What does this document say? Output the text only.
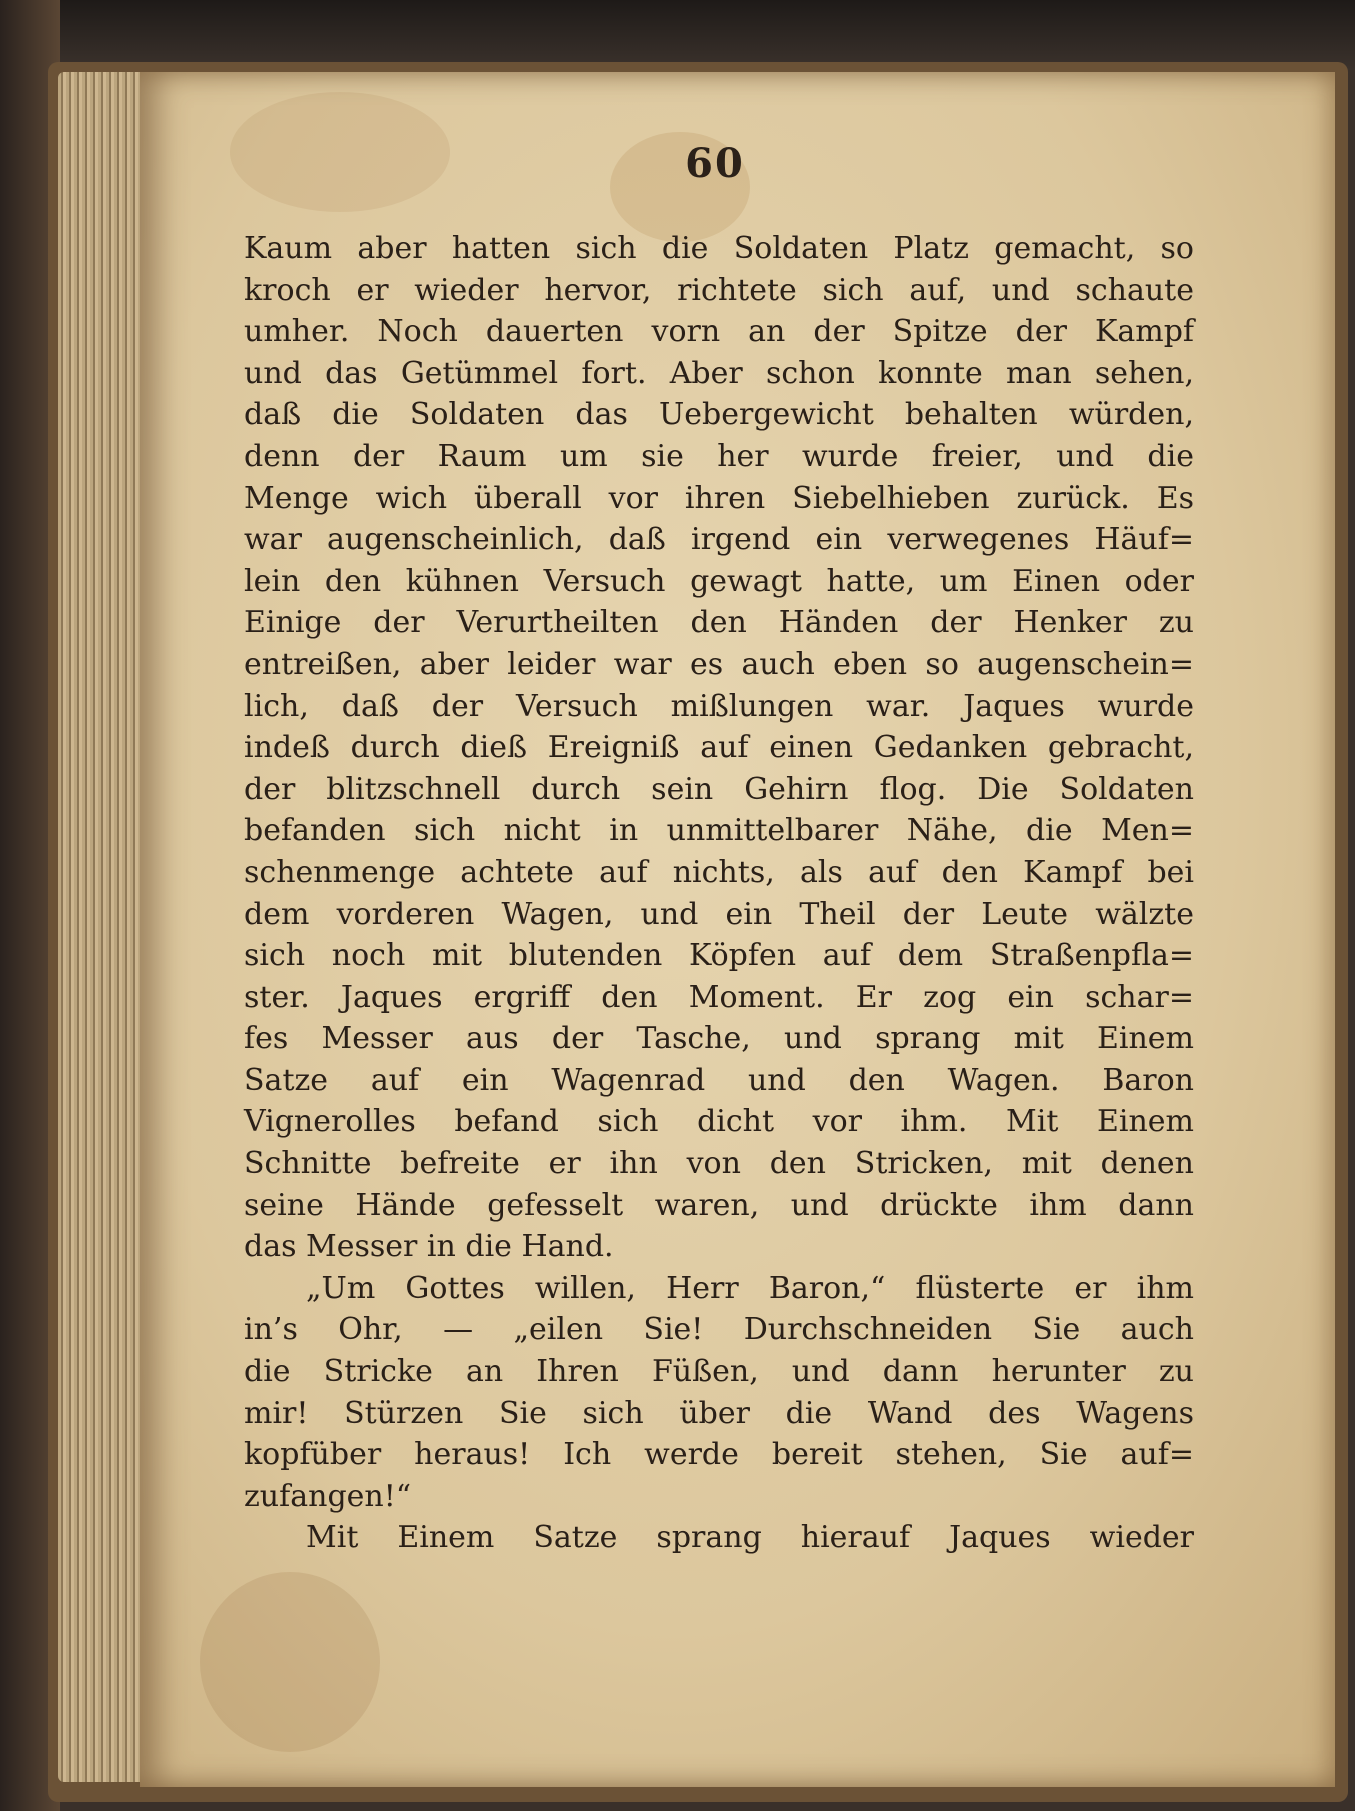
60
Kaum aber hatten sich die Soldaten Platz gemacht, so
kroch er wieder hervor, richtete sich auf, und schaute
umher. Noch dauerten vorn an der Spitze der Kampf
und das Getümmel fort. Aber schon konnte man sehen,
daß die Soldaten das Uebergewicht behalten würden,
denn der Raum um sie her wurde freier, und die
Menge wich überall vor ihren Siebelhieben zurück. Es
war augenscheinlich, daß irgend ein verwegenes Häuf=
lein den kühnen Versuch gewagt hatte, um Einen oder
Einige der Verurtheilten den Händen der Henker zu
entreißen, aber leider war es auch eben so augenschein=
lich, daß der Versuch mißlungen war. Jaques wurde
indeß durch dieß Ereigniß auf einen Gedanken gebracht,
der blitzschnell durch sein Gehirn flog. Die Soldaten
befanden sich nicht in unmittelbarer Nähe, die Men=
schenmenge achtete auf nichts, als auf den Kampf bei
dem vorderen Wagen, und ein Theil der Leute wälzte
sich noch mit blutenden Köpfen auf dem Straßenpfla=
ster. Jaques ergriff den Moment. Er zog ein schar=
fes Messer aus der Tasche, und sprang mit Einem
Satze auf ein Wagenrad und den Wagen. Baron
Vignerolles befand sich dicht vor ihm. Mit Einem
Schnitte befreite er ihn von den Stricken, mit denen
seine Hände gefesselt waren, und drückte ihm dann
das Messer in die Hand.
„Um Gottes willen, Herr Baron,“ flüsterte er ihm
in’s Ohr, — „eilen Sie! Durchschneiden Sie auch
die Stricke an Ihren Füßen, und dann herunter zu
mir! Stürzen Sie sich über die Wand des Wagens
kopfüber heraus! Ich werde bereit stehen, Sie auf=
zufangen!“
Mit Einem Satze sprang hierauf Jaques wieder
